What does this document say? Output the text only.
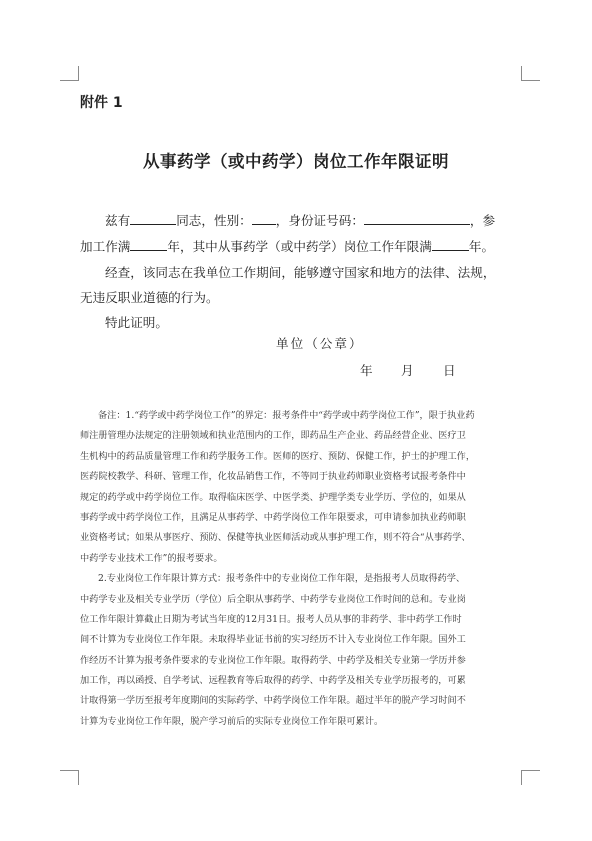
附件 1
从事药学（或中药学）岗位工作年限证明
兹有	同志，性别： ，身份证号码：	，参
加工作满	年，其中从事药学（或中药学）岗位工作年限满	年。
经查，该同志在我单位工作期间，能够遵守国家和地方的法律、法规，
无违反职业道德的行为。
特此证明。
单位（公章）
年 月 日
备注：1.“药学或中药学岗位工作”的界定：报考条件中“药学或中药学岗位工作”，限于执业药
师注册管理办法规定的注册领域和执业范围内的工作，即药品生产企业、药品经营企业、医疗卫
生机构中的药品质量管理工作和药学服务工作。医师的医疗、预防、保健工作，护士的护理工作，
医药院校教学、科研、管理工作，化妆品销售工作，不等同于执业药师职业资格考试报考条件中
规定的药学或中药学岗位工作。取得临床医学、中医学类、护理学类专业学历、学位的，如果从
事药学或中药学岗位工作，且满足从事药学、中药学岗位工作年限要求，可申请参加执业药师职
业资格考试；如果从事医疗、预防、保健等执业医师活动或从事护理工作，则不符合“从事药学、
中药学专业技术工作”的报考要求。
2.专业岗位工作年限计算方式：报考条件中的专业岗位工作年限，是指报考人员取得药学、
中药学专业及相关专业学历（学位）后全职从事药学、中药学专业岗位工作时间的总和。专业岗
位工作年限计算截止日期为考试当年度的12月31日。报考人员从事的非药学、非中药学工作时
间不计算为专业岗位工作年限。未取得毕业证书前的实习经历不计入专业岗位工作年限。国外工
作经历不计算为报考条件要求的专业岗位工作年限。取得药学、中药学及相关专业第一学历并参
加工作，再以函授、自学考试、远程教育等后取得的药学、中药学及相关专业学历报考的，可累
计取得第一学历至报考年度期间的实际药学、中药学岗位工作年限。超过半年的脱产学习时间不
计算为专业岗位工作年限，脱产学习前后的实际专业岗位工作年限可累计。
